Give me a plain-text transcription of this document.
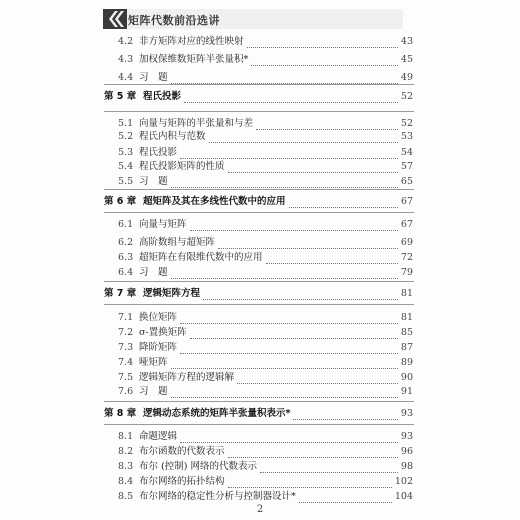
矩阵代数前沿选讲
4.2 非方矩阵对应的线性映射	43
4.3 加权保维数矩阵半张量积*	45
4.4 习　题	49
第 5 章 程氏投影	52
5.1 向量与矩阵的半张量和与差	52
5.2 程氏内积与范数	53
5.3 程氏投影	54
5.4 程氏投影矩阵的性质	57
5.5 习　题	65
第 6 章 超矩阵及其在多线性代数中的应用	67
6.1 向量与矩阵	67
6.2 高阶数组与超矩阵	69
6.3 超矩阵在有限维代数中的应用	72
6.4 习　题	79
第 7 章 逻辑矩阵方程	81
7.1 换位矩阵	81
7.2 σ-置换矩阵	85
7.3 降阶矩阵	87
7.4 哑矩阵	89
7.5 逻辑矩阵方程的逻辑解	90
7.6 习　题	91
第 8 章 逻辑动态系统的矩阵半张量积表示*	93
8.1 命题逻辑	93
8.2 布尔函数的代数表示	96
8.3 布尔 (控制) 网络的代数表示	98
8.4 布尔网络的拓扑结构	102
8.5 布尔网络的稳定性分析与控制器设计*	104
2
